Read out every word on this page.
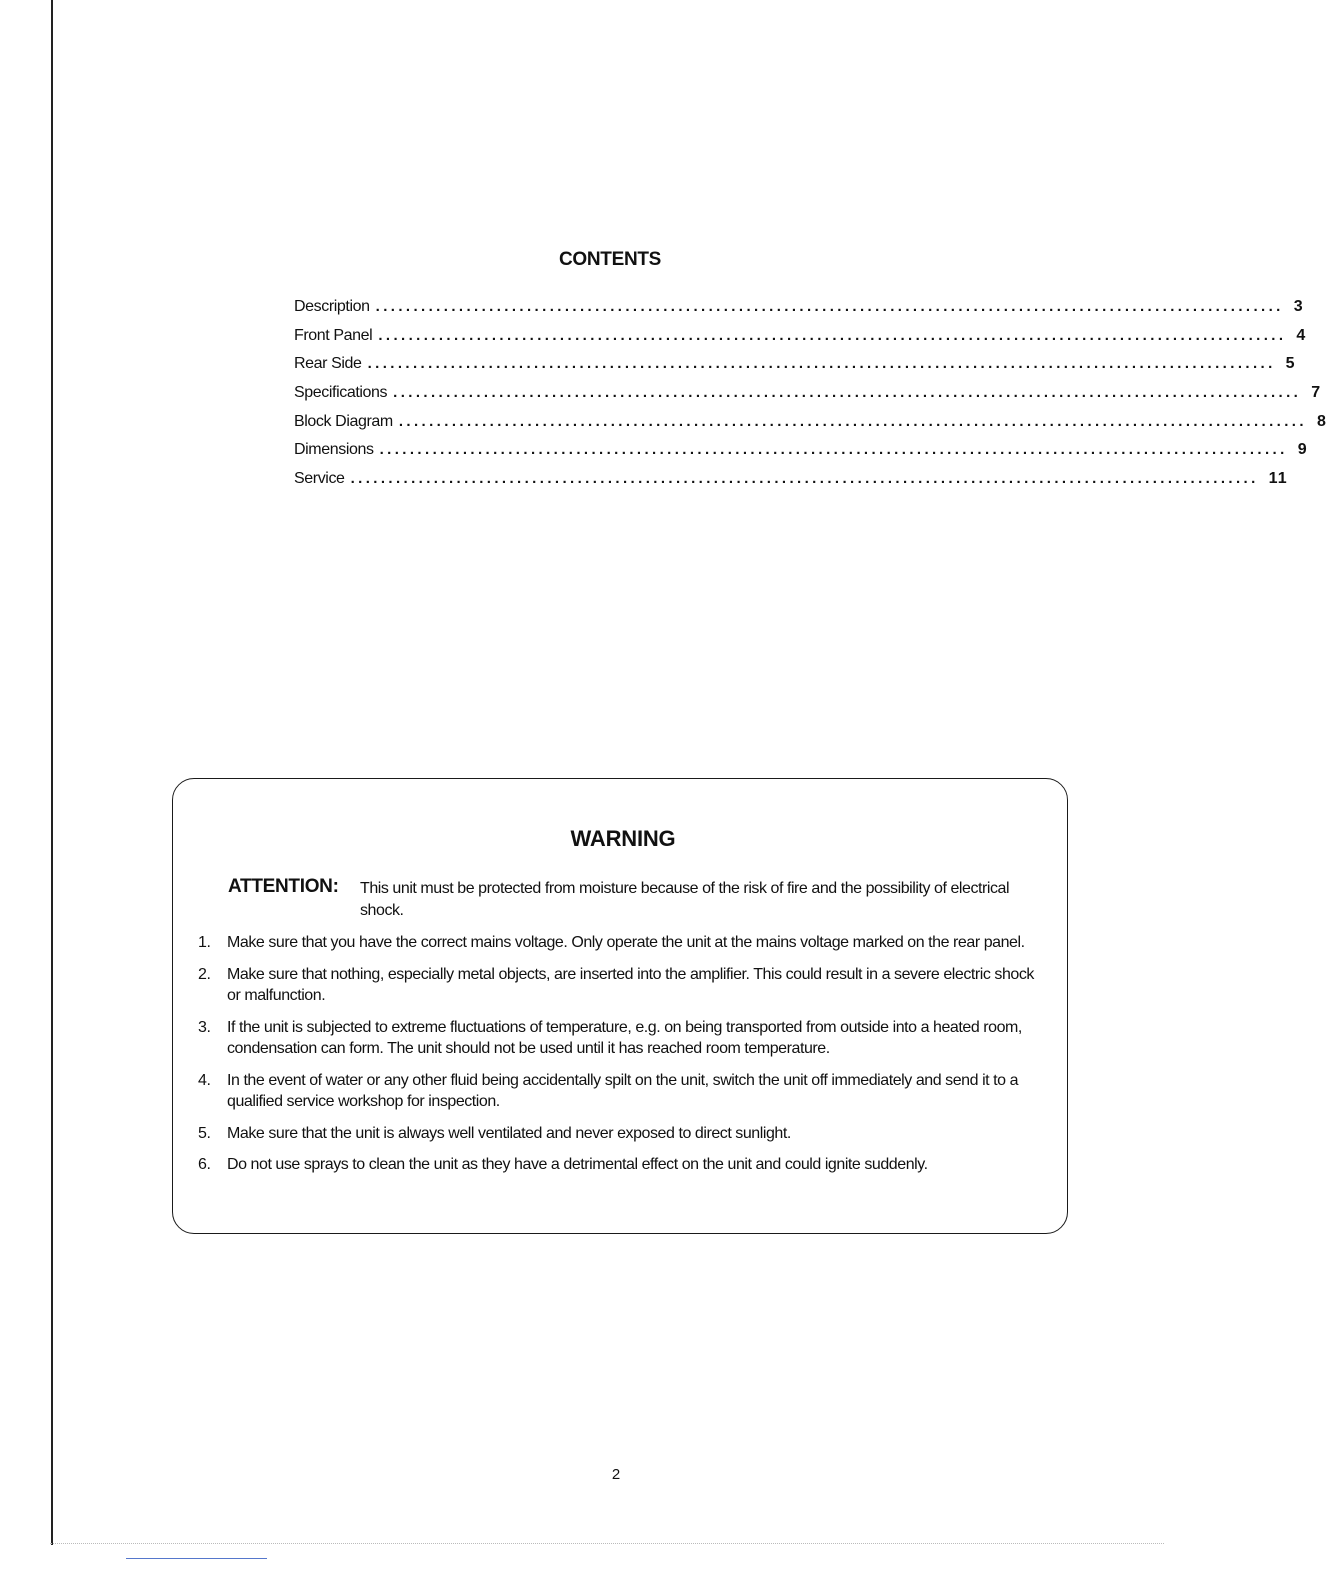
CONTENTS
Description ........................................................................................................................ 3
Front Panel ........................................................................................................................ 4
Rear Side ........................................................................................................................ 5
Specifications ........................................................................................................................ 7
Block Diagram ........................................................................................................................ 8
Dimensions ........................................................................................................................ 9
Service ........................................................................................................................ 11
WARNING
ATTENTION:	This unit must be protected from moisture because of the risk of fire and the possibility of electrical shock.
1.	Make sure that you have the correct mains voltage. Only operate the unit at the mains voltage marked on the rear panel.
2.	Make sure that nothing, especially metal objects, are inserted into the amplifier. This could result in a severe electric shock or malfunction.
3.	If the unit is subjected to extreme fluctuations of temperature, e.g. on being transported from outside into a heated room, condensation can form. The unit should not be used until it has reached room temperature.
4.	In the event of water or any other fluid being accidentally spilt on the unit, switch the unit off immediately and send it to a qualified service workshop for inspection.
5.	Make sure that the unit is always well ventilated and never exposed to direct sunlight.
6.	Do not use sprays to clean the unit as they have a detrimental effect on the unit and could ignite suddenly.
2
